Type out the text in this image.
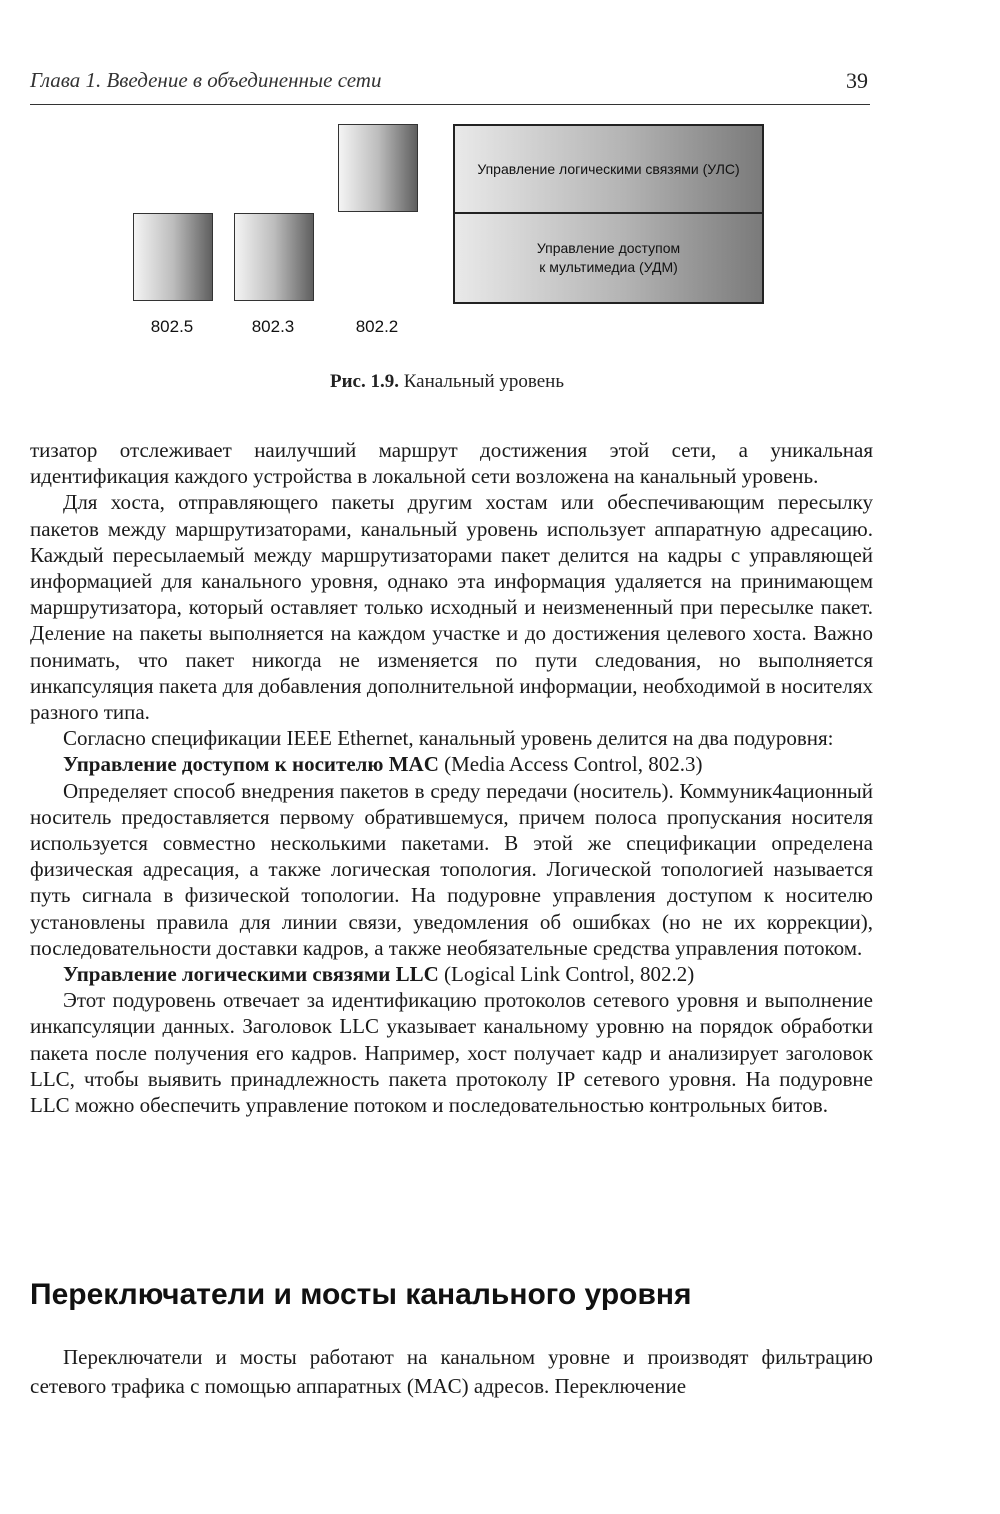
Глава 1. Введение в объединенные сети	39
802.5	802.3	802.2
Управление логическими связями (УЛС)
Управление доступом
к мультимедиа (УДМ)
Рис. 1.9. Канальный уровень

тизатор отслеживает наилучший маршрут достижения этой сети, а уникальная идентификация каждого устройства в локальной сети возложена на канальный уровень.

Для хоста, отправляющего пакеты другим хостам или обеспечивающим пересылку пакетов между маршрутизаторами, канальный уровень использует аппаратную адресацию. Каждый пересылаемый между маршрутизаторами пакет делится на кадры с управляющей информацией для канального уровня, однако эта информация удаляется на принимающем маршрутизатора, который оставляет только исходный и неизмененный при пересылке пакет. Деление на пакеты выполняется на каждом участке и до достижения целевого хоста. Важно понимать, что пакет никогда не изменяется по пути следования, но выполняется инкапсуляция пакета для добавления дополнительной информации, необходимой в носителях разного типа.

Согласно спецификации IEEE Ethernet, канальный уровень делится на два подуровня:

Управление доступом к носителю MAC (Media Access Control, 802.3)

Определяет способ внедрения пакетов в среду передачи (носитель). Коммуник4ационный носитель предоставляется первому обратившемуся, причем полоса пропускания носителя используется совместно несколькими пакетами. В этой же спецификации определена физическая адресация, а также логическая топология. Логической топологией называется путь сигнала в физической топологии. На подуровне управления доступом к носителю установлены правила для линии связи, уведомления об ошибках (но не их коррекции), последовательности доставки кадров, а также необязательные средства управления потоком.

Управление логическими связями LLC (Logical Link Control, 802.2)

Этот подуровень отвечает за идентификацию протоколов сетевого уровня и выполнение инкапсуляции данных. Заголовок LLC указывает канальному уровню на порядок обработки пакета после получения его кадров. Например, хост получает кадр и анализирует заголовок LLC, чтобы выявить принадлежность пакета протоколу IP сетевого уровня. На подуровне LLC можно обеспечить управление потоком и последовательностью контрольных битов.

Переключатели и мосты канального уровня

Переключатели и мосты работают на канальном уровне и производят фильтрацию сетевого трафика с помощью аппаратных (MAC) адресов. Переключение
